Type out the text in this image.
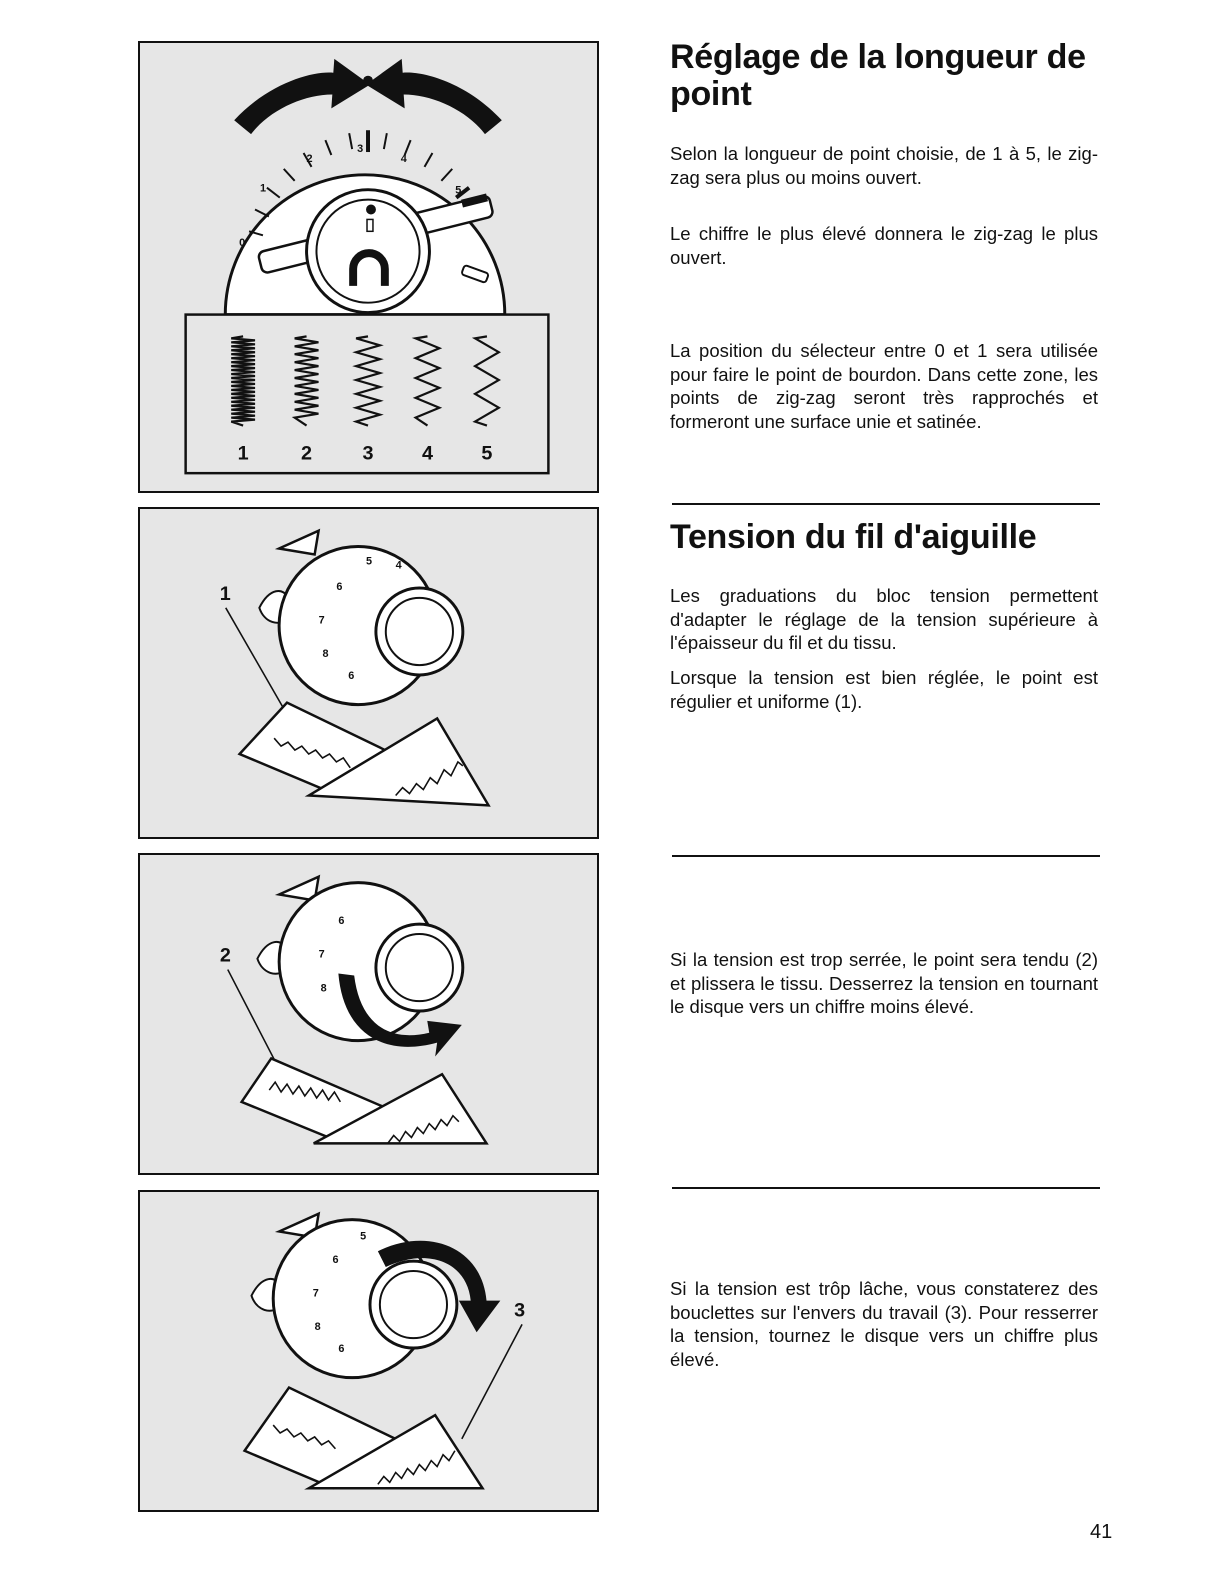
0
1
2
3
4
5
1	2	3 4 5
5
6
7
8
6
4
1
6
7
8
2
5
6
7
8
6
3
Réglage de la longueur de point

Selon la longueur de point choisie, de 1 à 5, le zig-zag sera plus ou moins ouvert.

Le chiffre le plus élevé donnera le zig-zag le plus ouvert.

La position du sélecteur entre 0 et 1 sera utilisée pour faire le point de bourdon. Dans cette zone, les points de zig-zag seront très rapprochés et formeront une surface unie et satinée.

Tension du fil d'aiguille

Les graduations du bloc tension permettent d'adapter le réglage de la tension supérieure à l'épaisseur du fil et du tissu.

Lorsque la tension est bien réglée, le point est régulier et uniforme (1).

Si la tension est trop serrée, le point sera tendu (2) et plissera le tissu. Desserrez la tension en tournant le disque vers un chiffre moins élevé.

Si la tension est trôp lâche, vous constaterez des bouclettes sur l'envers du travail (3). Pour resserrer la tension, tournez le disque vers un chiffre plus élevé.

41
